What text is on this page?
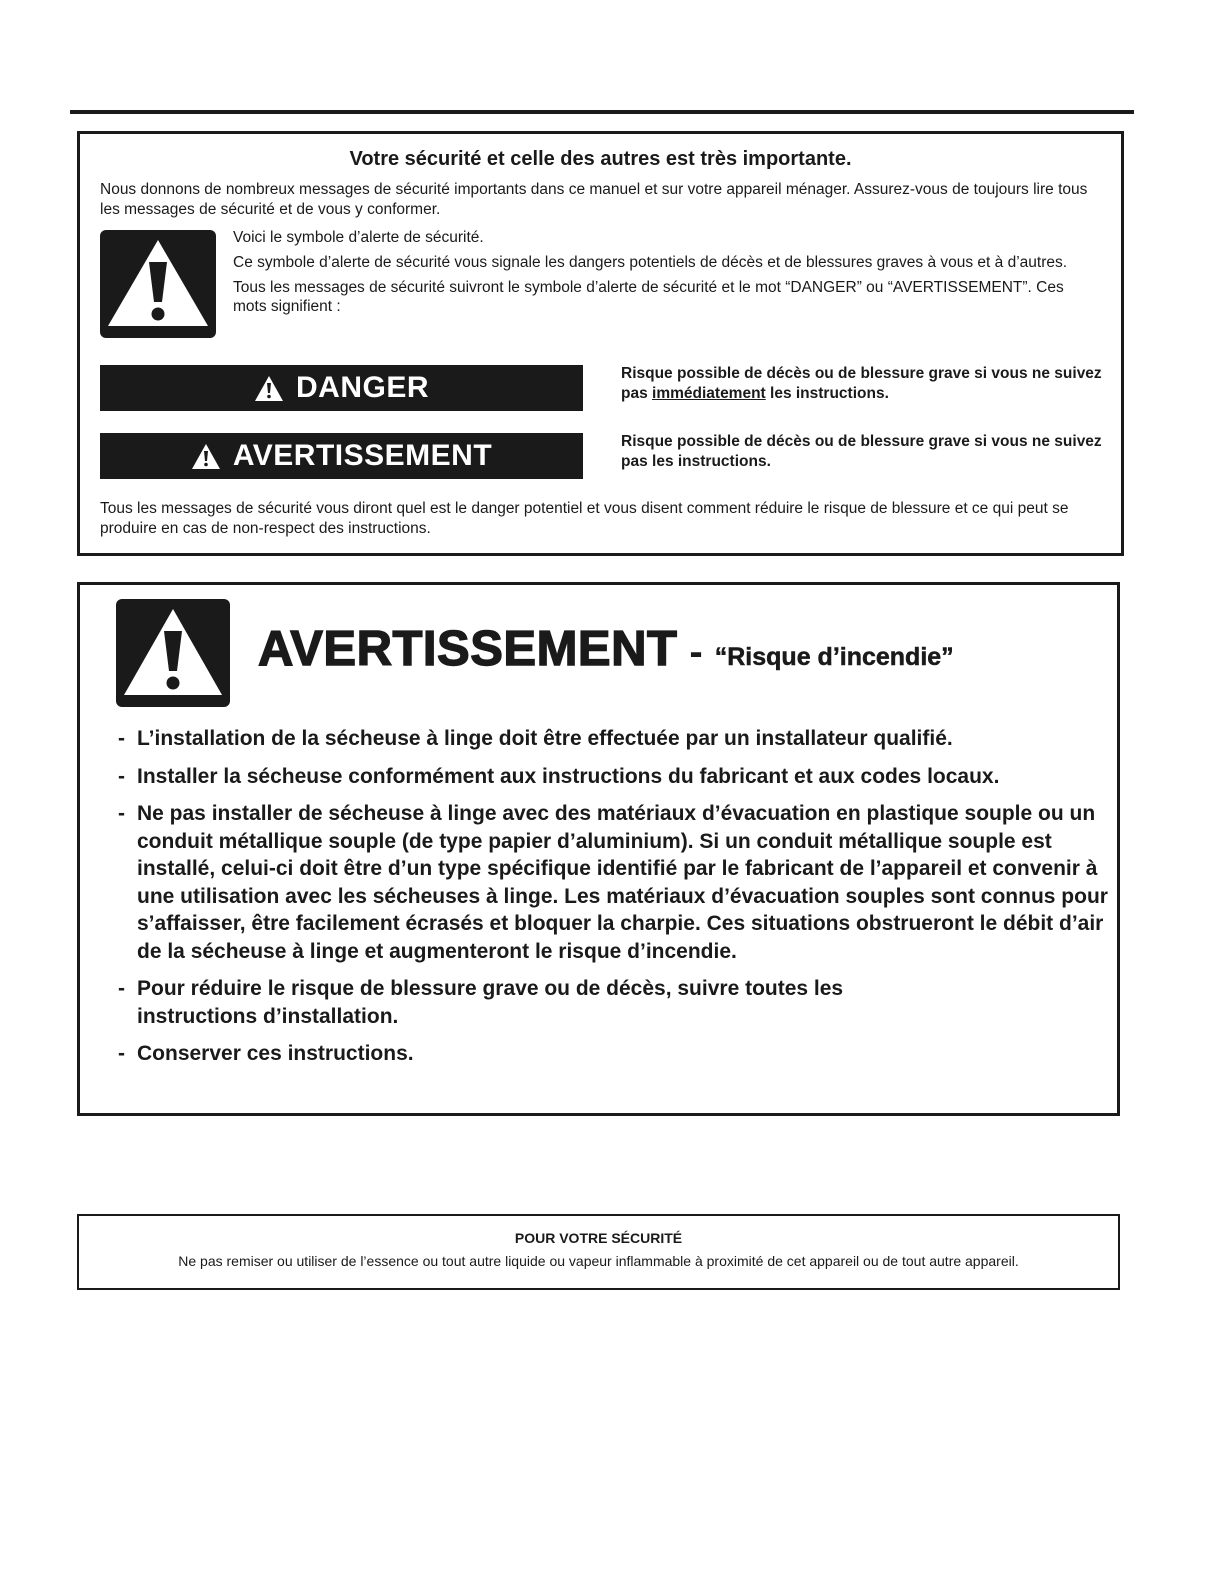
Votre sécurité et celle des autres est très importante.
Nous donnons de nombreux messages de sécurité importants dans ce manuel et sur votre appareil ménager. Assurez-vous de toujours lire tous les messages de sécurité et de vous y conformer.

Voici le symbole d’alerte de sécurité.

Ce symbole d’alerte de sécurité vous signale les dangers potentiels de décès et de blessures graves à vous et à d’autres.

Tous les messages de sécurité suivront le symbole d’alerte de sécurité et le mot “DANGER” ou “AVERTISSEMENT”. Ces mots signifient :

DANGER	Risque possible de décès ou de blessure grave si vous ne suivez pas immédiatement les instructions.
AVERTISSEMENT	Risque possible de décès ou de blessure grave si vous ne suivez pas les instructions.
Tous les messages de sécurité vous diront quel est le danger potentiel et vous disent comment réduire le risque de blessure et ce qui peut se produire en cas de non-respect des instructions.
AVERTISSEMENT - “Risque d’incendie”
- L’installation de la sécheuse à linge doit être effectuée par un installateur qualifié.
- Installer la sécheuse conformément aux instructions du fabricant et aux codes locaux.
- Ne pas installer de sécheuse à linge avec des matériaux d’évacuation en plastique souple ou un conduit métallique souple (de type papier d’aluminium). Si un conduit métallique souple est installé, celui-ci doit être d’un type spécifique identifié par le fabricant de l’appareil et convenir à une utilisation avec les sécheuses à linge. Les matériaux d’évacuation souples sont connus pour s’affaisser, être facilement écrasés et bloquer la charpie. Ces situations obstrueront le débit d’air de la sécheuse à linge et augmenteront le risque d’incendie.
- Pour réduire le risque de blessure grave ou de décès, suivre toutes les instructions d’installation.
- Conserver ces instructions.
POUR VOTRE SÉCURITÉ
Ne pas remiser ou utiliser de l’essence ou tout autre liquide ou vapeur inflammable à proximité de cet appareil ou de tout autre appareil.
